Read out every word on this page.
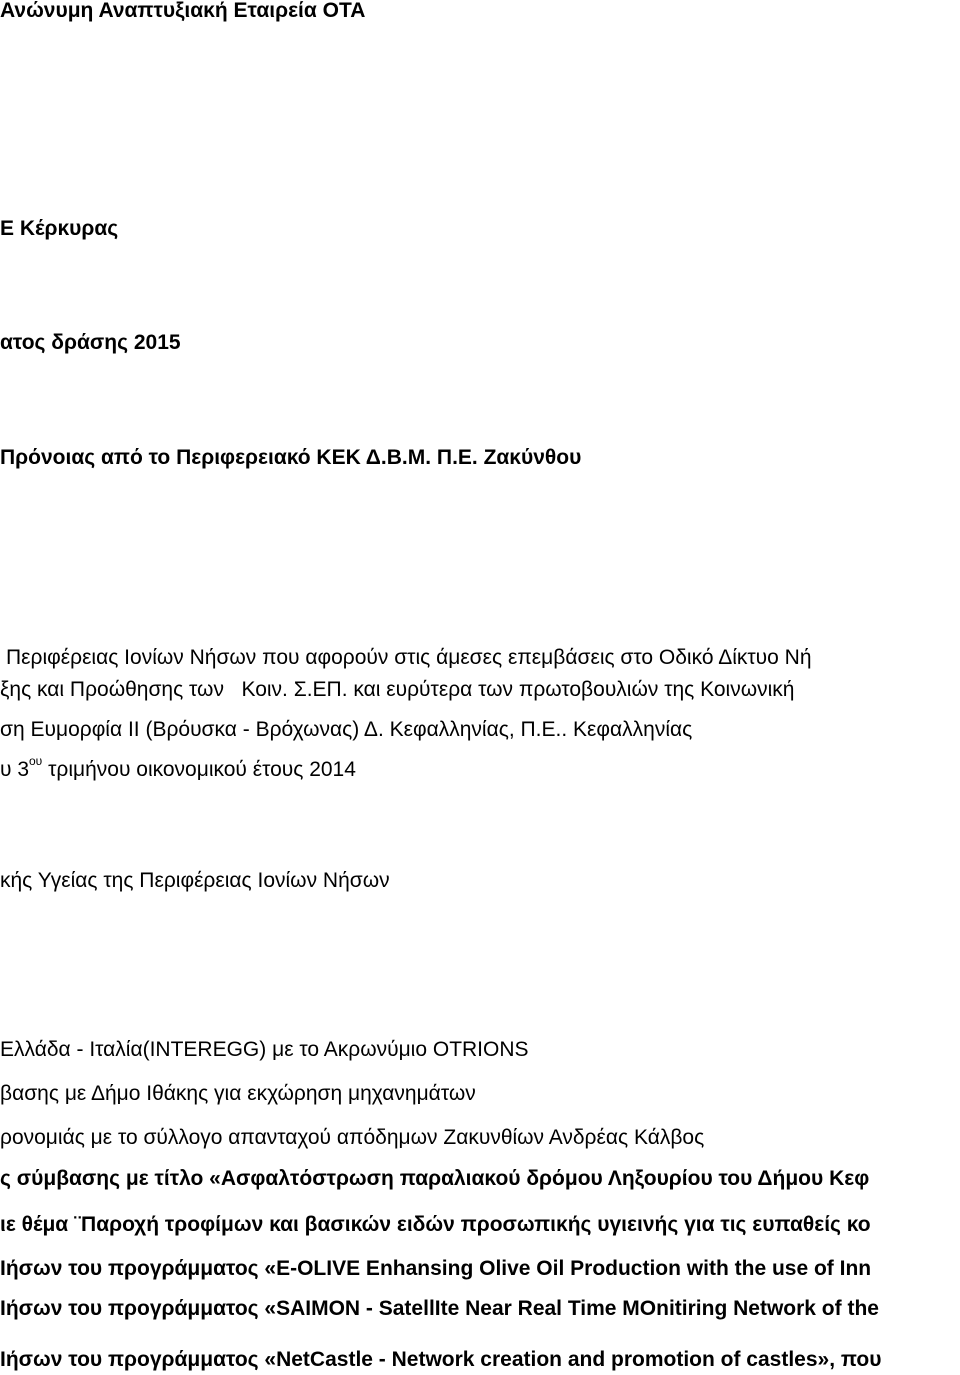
Ανώνυμη Αναπτυξιακή Εταιρεία ΟΤΑ

Ε Κέρκυρας

ατος δράσης 2015

Πρόνοιας από το Περιφερειακό ΚΕΚ Δ.Β.Μ. Π.Ε. Ζακύνθου

Περιφέρειας Ιονίων Νήσων που αφορούν στις άμεσες επεμβάσεις στο Οδικό Δίκτυο Νή

ξης και Προώθησης των   Κοιν. Σ.ΕΠ. και ευρύτερα των πρωτοβουλιών της Κοινωνική

ση Ευμορφία ΙΙ (Βρόυσκα - Βρόχωνας) Δ. Κεφαλληνίας, Π.Ε.. Κεφαλληνίας

υ $3^{o\upsilon}$ τριμήνου οικονομικού έτους 2014

κής Υγείας της Περιφέρειας Ιονίων Νήσων

Ελλάδα - Ιταλία(INTEREGG) με το Ακρωνύμιο OTRIONS

βασης με Δήμο Ιθάκης για εκχώρηση μηχανημάτων

ρονομιάς με το σύλλογο απανταχού απόδημων Ζακυνθίων Ανδρέας Κάλβος

ς σύμβασης με τίτλο «Ασφαλτόστρωση παραλιακού δρόμου Ληξουρίου του Δήμου Κεφ

ιε θέμα ¨Παροχή τροφίμων και βασικών ειδών προσωπικής υγιεινής για τις ευπαθείς κο

Ιήσων του προγράμματος «E-OLIVE Enhansing Olive Oil Production with the use of Inn

Ιήσων του προγράμματος «SAIMON - SatellIte Near Real Time MOnitiring Network of the

Ιήσων του προγράμματος «NetCastle - Network creation and promotion of castles», που
